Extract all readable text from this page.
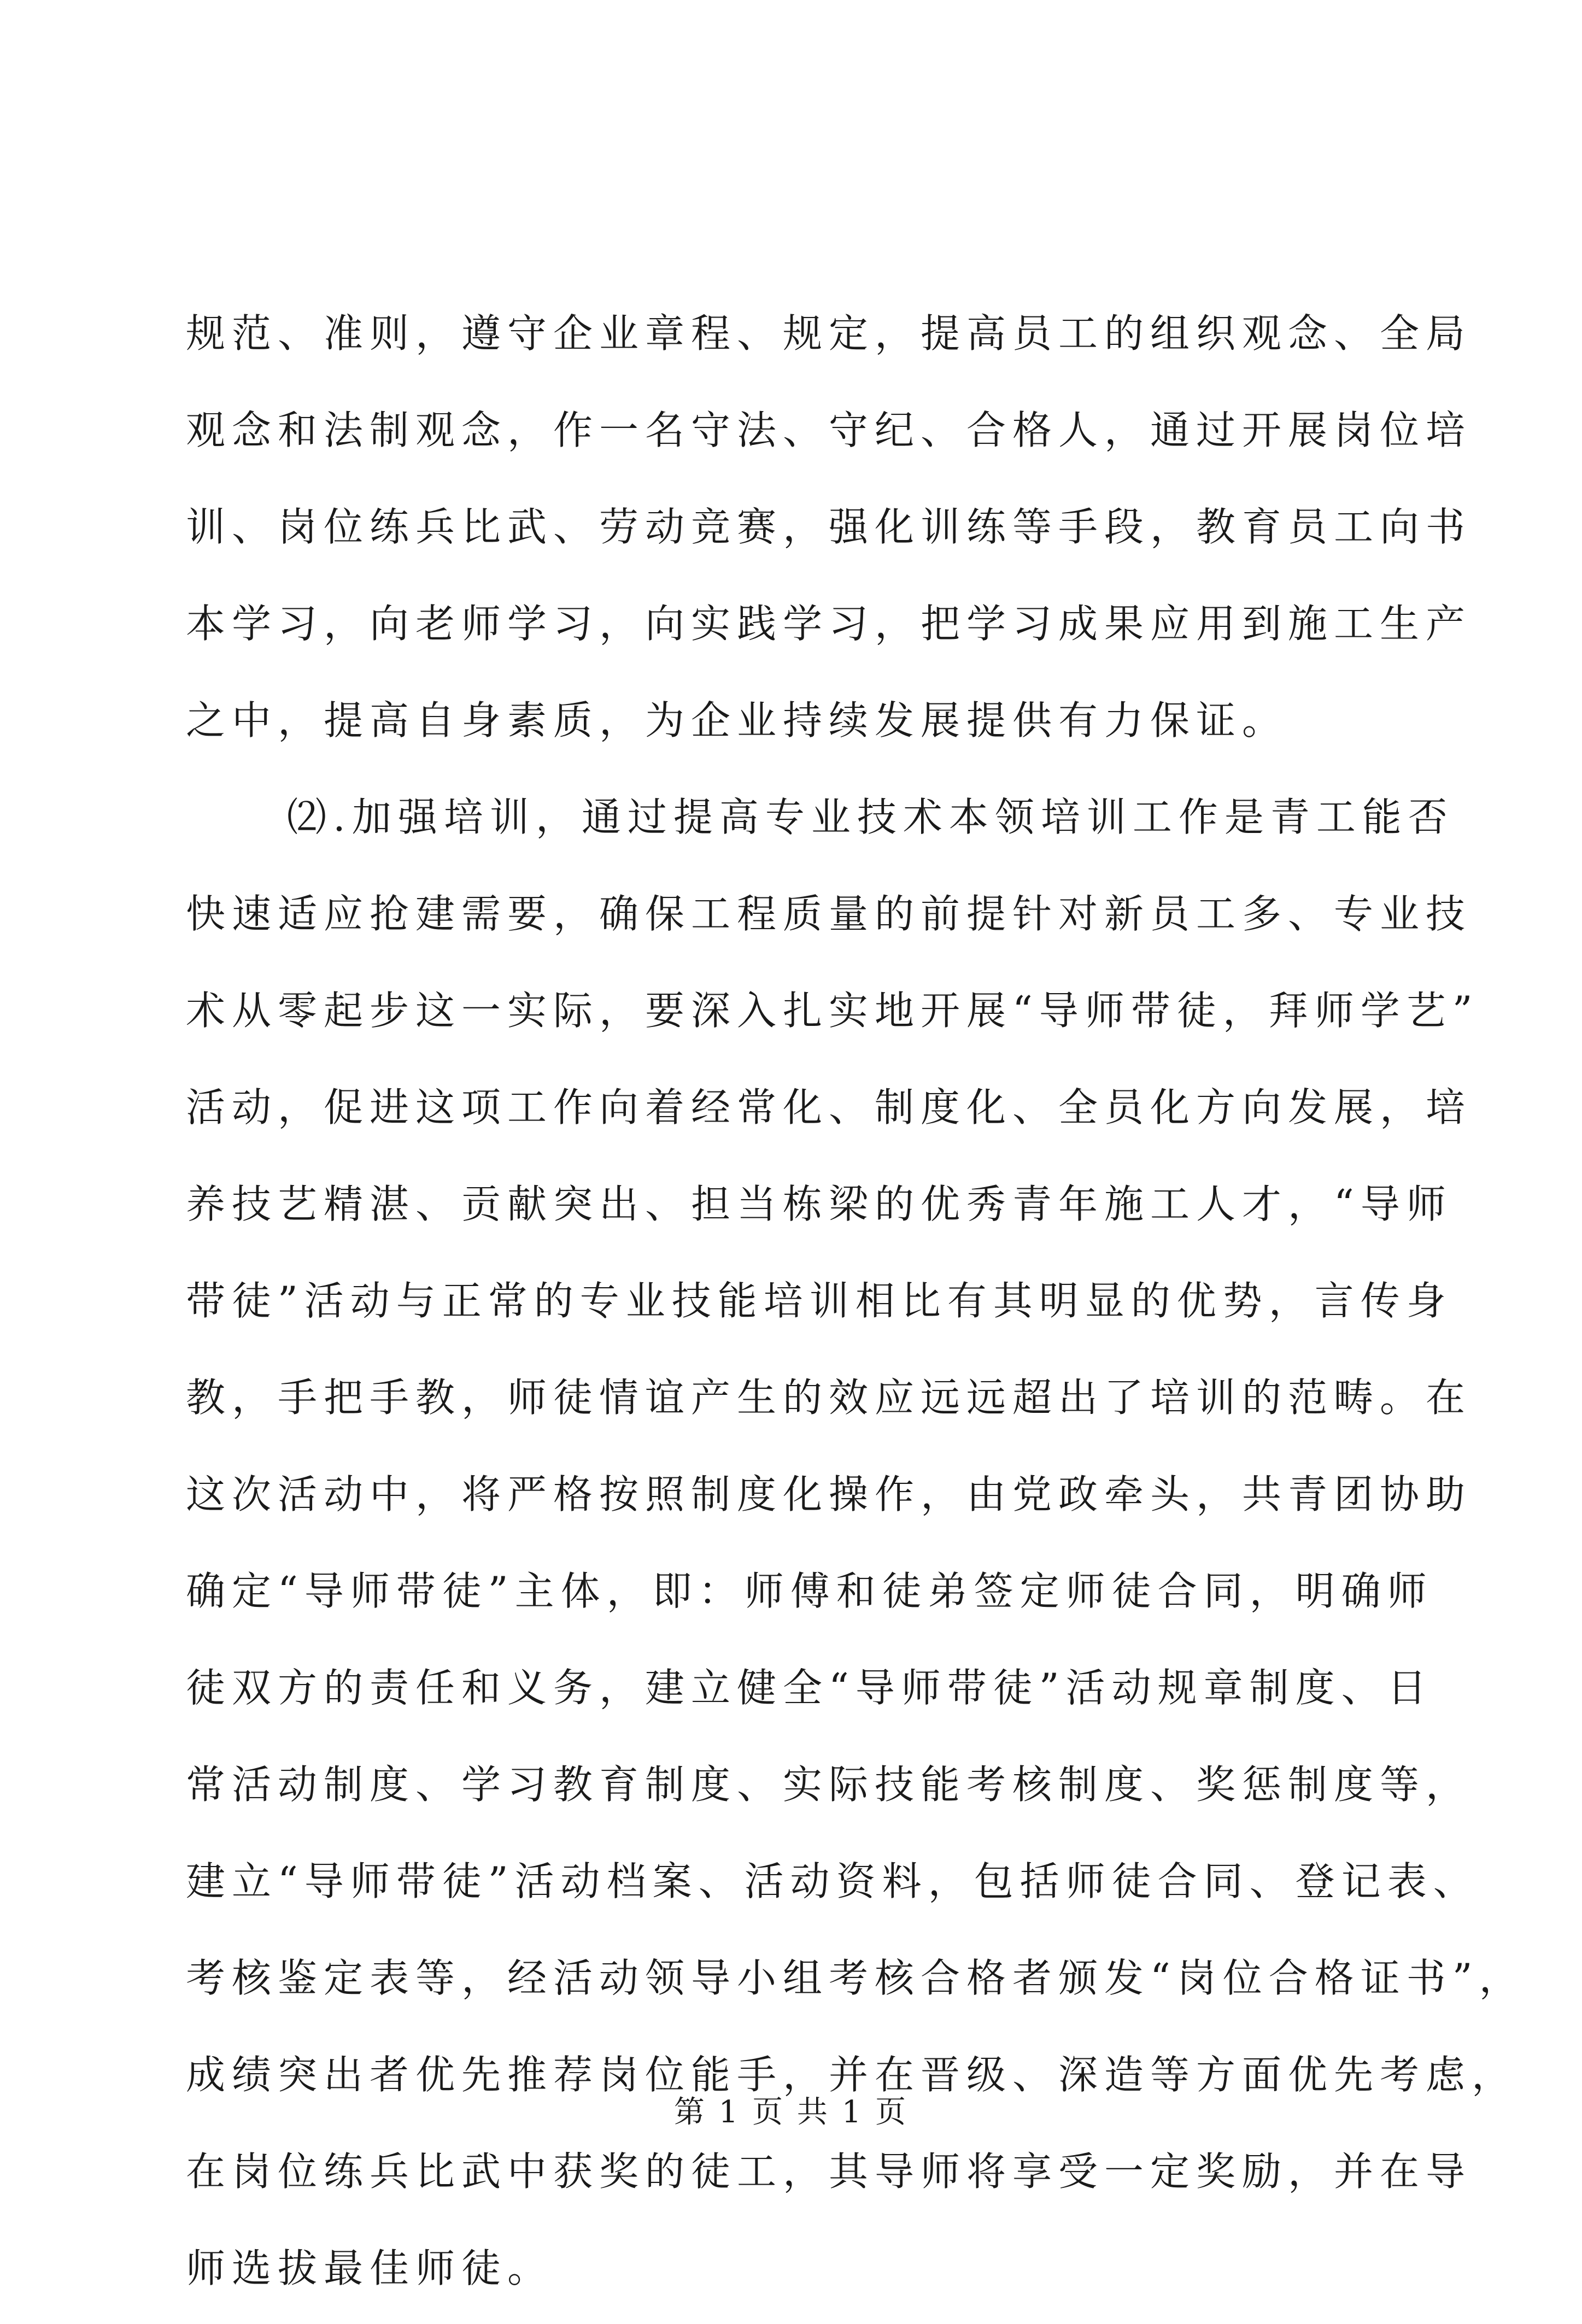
规范、准则，遵守企业章程、规定，提高员工的组织观念、全局
观念和法制观念，作一名守法、守纪、合格人，通过开展岗位培
训、岗位练兵比武、劳动竞赛，强化训练等手段，教育员工向书
本学习，向老师学习，向实践学习，把学习成果应用到施工生产
之中，提高自身素质，为企业持续发展提供有力保证。
⑵.加强培训，通过提高专业技术本领培训工作是青工能否
快速适应抢建需要，确保工程质量的前提针对新员工多、专业技
术从零起步这一实际，要深入扎实地开展“导师带徒，拜师学艺”
活动，促进这项工作向着经常化、制度化、全员化方向发展，培
养技艺精湛、贡献突出、担当栋梁的优秀青年施工人才，“导师
带徒”活动与正常的专业技能培训相比有其明显的优势，言传身
教，手把手教，师徒情谊产生的效应远远超出了培训的范畴。在
这次活动中，将严格按照制度化操作，由党政牵头，共青团协助
确定“导师带徒”主体，即：师傅和徒弟签定师徒合同，明确师
徒双方的责任和义务，建立健全“导师带徒”活动规章制度、日
常活动制度、学习教育制度、实际技能考核制度、奖惩制度等，
建立“导师带徒”活动档案、活动资料，包括师徒合同、登记表、
考核鉴定表等，经活动领导小组考核合格者颁发“岗位合格证书”，
成绩突出者优先推荐岗位能手，并在晋级、深造等方面优先考虑，
在岗位练兵比武中获奖的徒工，其导师将享受一定奖励，并在导
师选拔最佳师徒。
第 1 页 共 1 页
